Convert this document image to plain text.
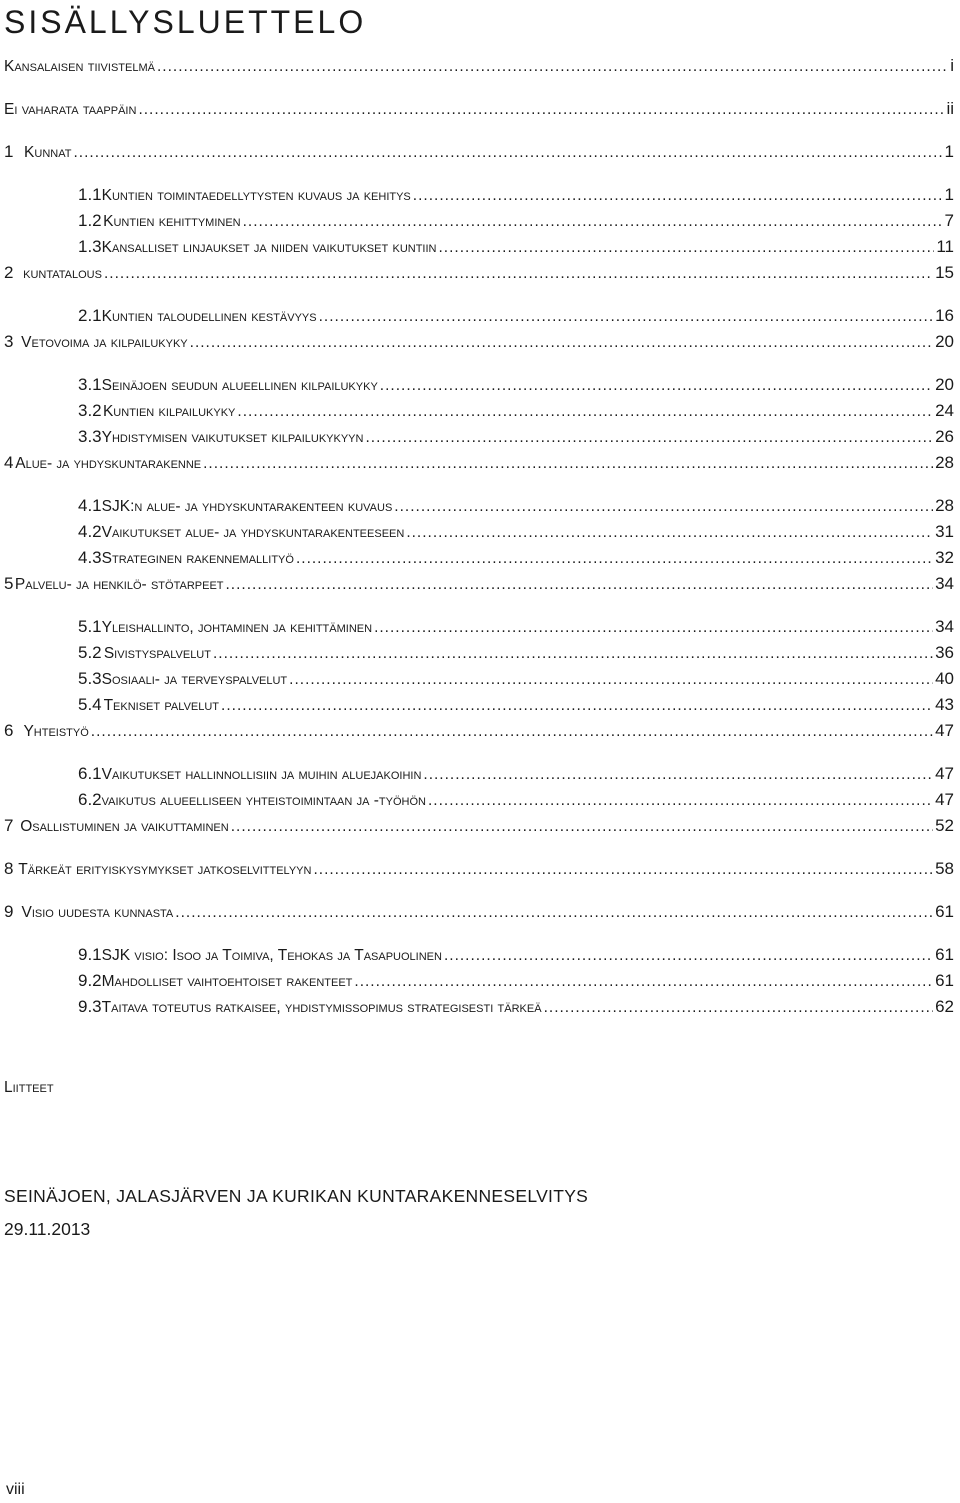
SISÄLLYSLUETTELO
Kansalaisen tiivistelmä .....	i
Ei vaharata taappäin .....	ii
1 Kunnat .....	1
1.1 Kuntien toimintaedellytysten kuvaus ja kehitys .....	1
1.2 Kuntien kehittyminen .....	7
1.3 Kansalliset linjaukset ja niiden vaikutukset kuntiin .....	11
2 kuntatalous .....	15
2.1 Kuntien taloudellinen kestävyys .....	16
3 Vetovoima ja kilpailukyky .....	20
3.1 Seinäjoen seudun alueellinen kilpailukyky .....	20
3.2 Kuntien kilpailukyky .....	24
3.3 Yhdistymisen vaikutukset kilpailukykyyn .....	26
4 Alue- ja yhdyskuntarakenne .....	28
4.1 SJK:n alue- ja yhdyskuntarakenteen kuvaus .....	28
4.2 Vaikutukset alue- ja yhdyskuntarakenteeseen .....	31
4.3 Strateginen rakennemallityö .....	32
5 Palvelu- ja henkilö- stötarpeet .....	34
5.1 Yleishallinto, johtaminen ja kehittäminen .....	34
5.2 Sivistyspalvelut .....	36
5.3 Sosiaali- ja terveyspalvelut .....	40
5.4 Tekniset palvelut .....	43
6 Yhteistyö .....	47
6.1 Vaikutukset hallinnollisiin ja muihin aluejakoihin .....	47
6.2 vaikutus alueelliseen yhteistoimintaan ja -työhön .....	47
7 Osallistuminen ja vaikuttaminen .....	52
8 Tärkeät erityiskysymykset jatkoselvittelyyn .....	58
9 Visio uudesta kunnasta .....	61
9.1 SJK visio: Isoo ja Toimiva, Tehokas ja Tasapuolinen .....	61
9.2 Mahdolliset vaihtoehtoiset rakenteet .....	61
9.3 Taitava toteutus ratkaisee, yhdistymissopimus strategisesti tärkeä .....	62
Liitteet
SEINÄJOEN, JALASJÄRVEN JA KURIKAN KUNTARAKENNESELVITYS
29.11.2013
viii
